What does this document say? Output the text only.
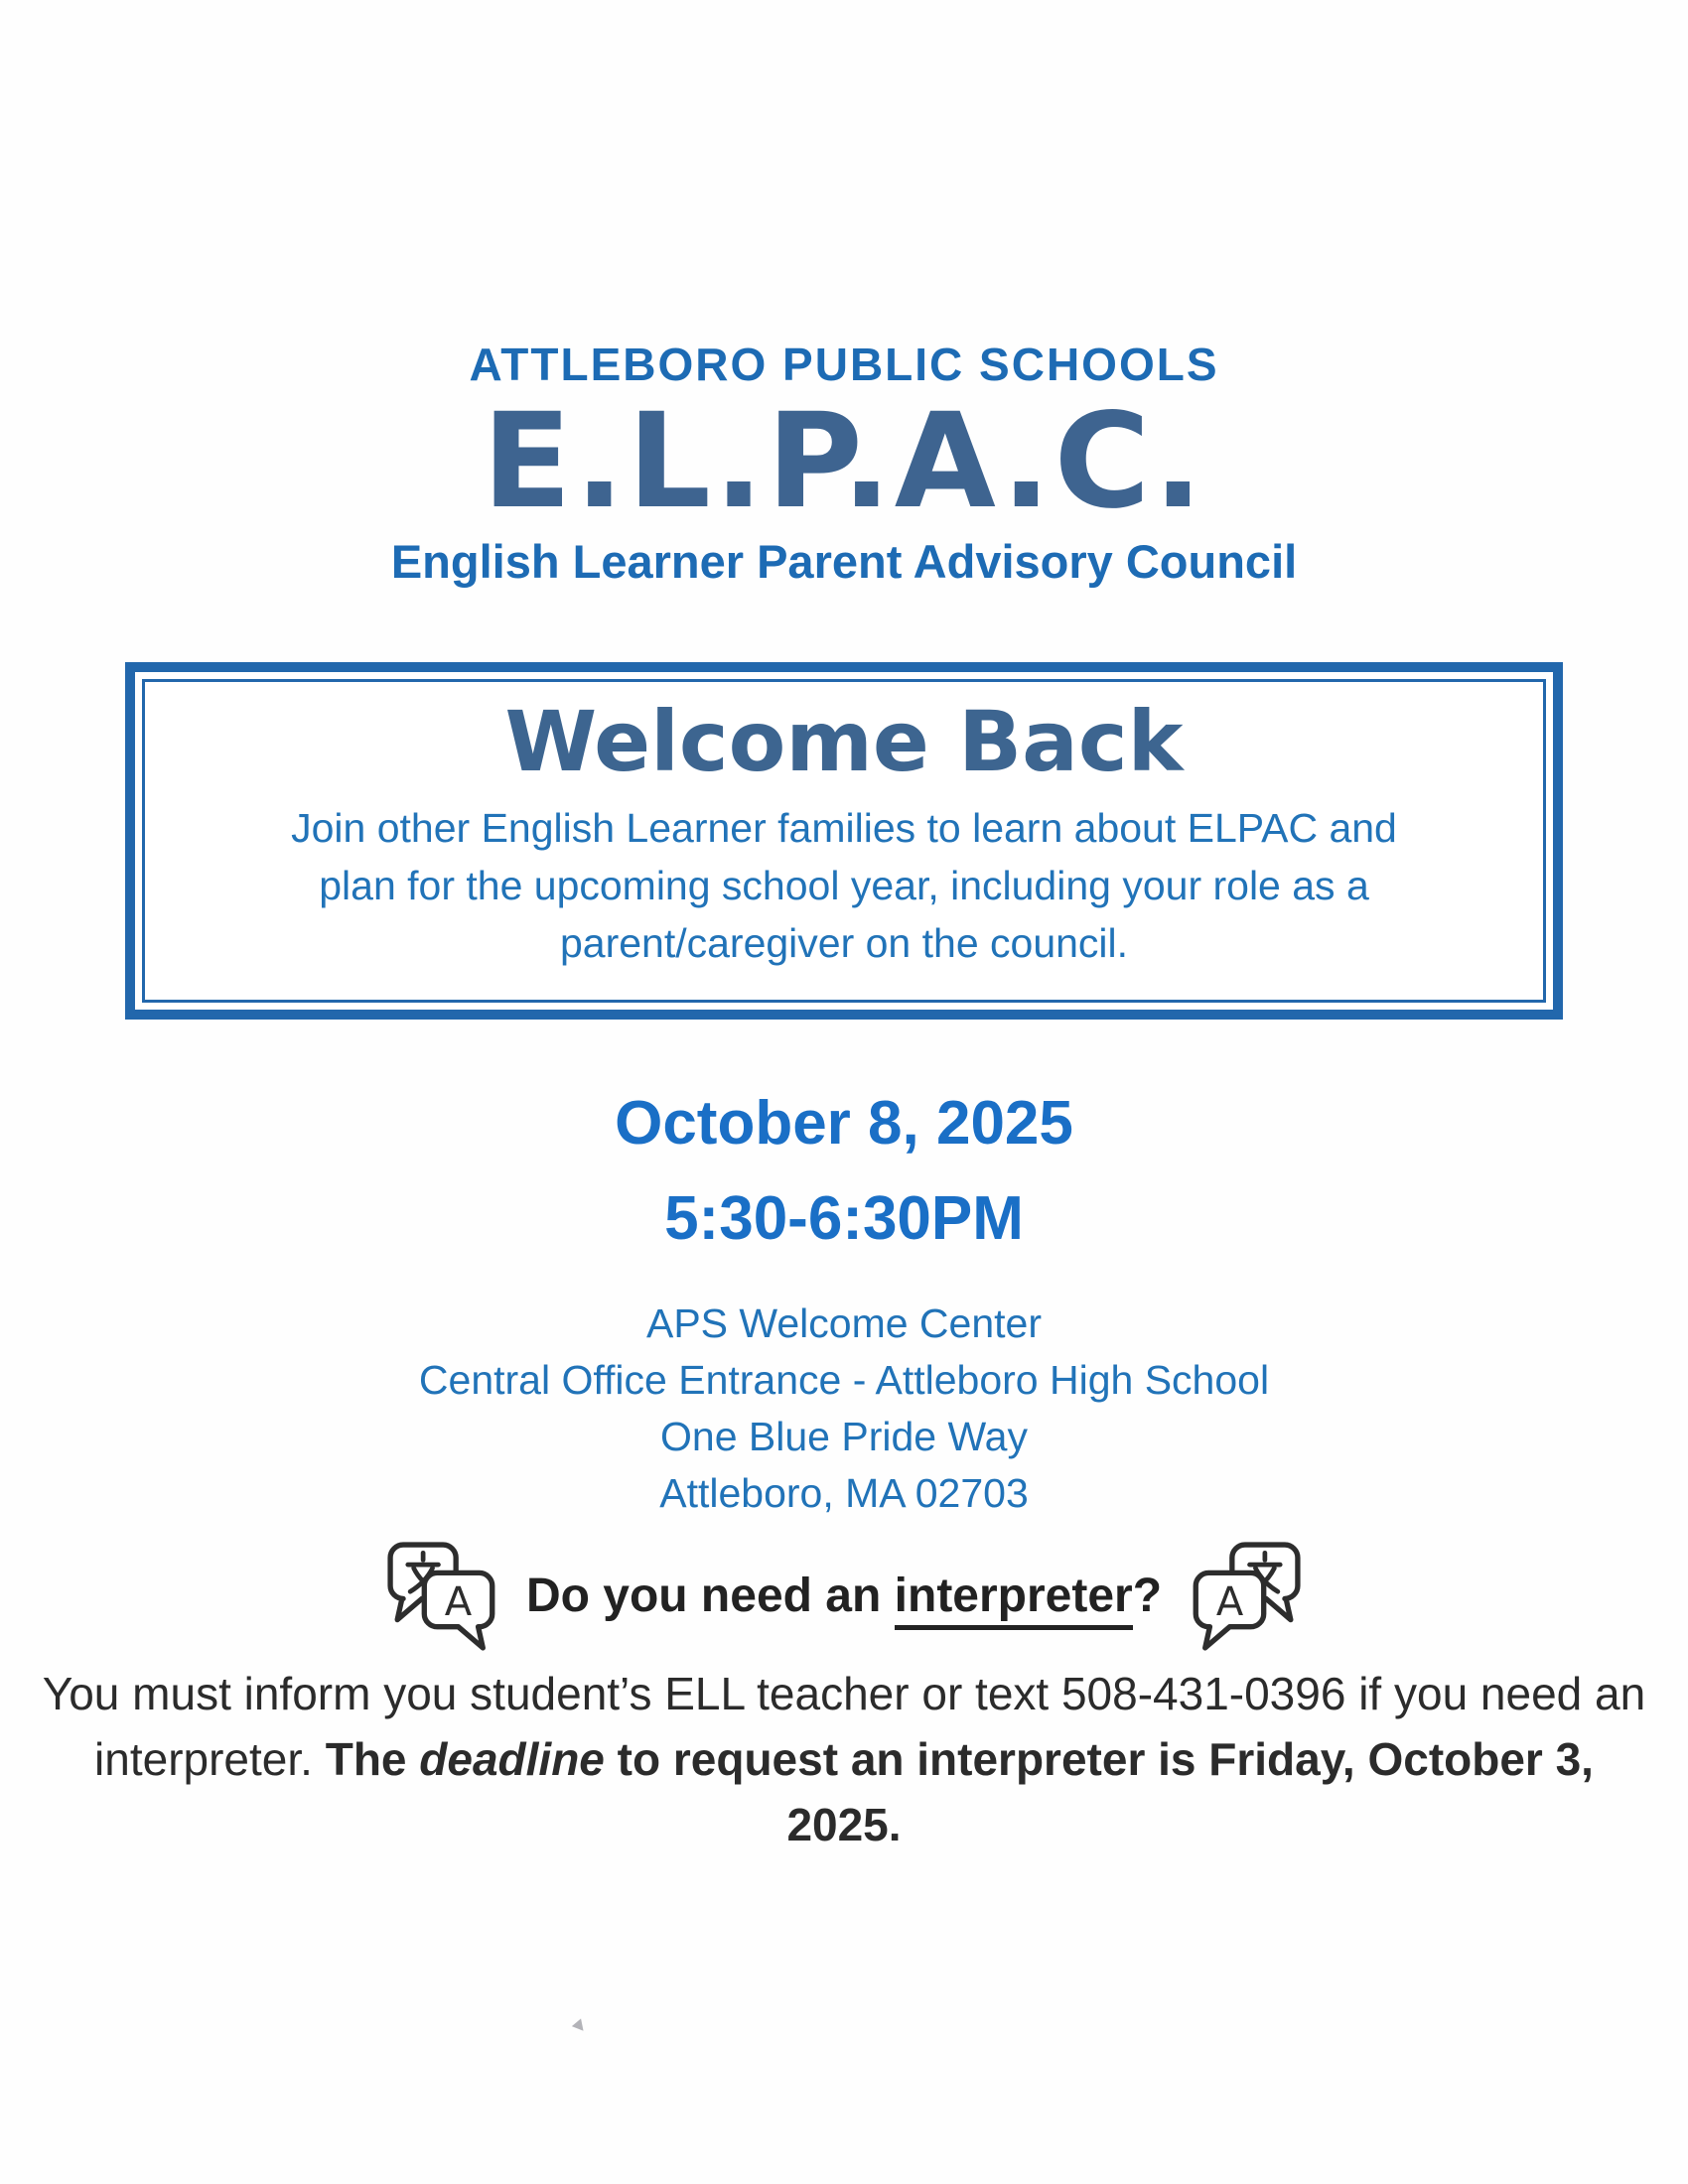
ATTLEBORO PUBLIC SCHOOLS
E.L.P.A.C.
English Learner Parent Advisory Council
Welcome Back
Join other English Learner families to learn about ELPAC and
plan for the upcoming school year, including your role as a
parent/caregiver on the council.
October 8, 2025
5:30-6:30PM
APS Welcome Center
Central Office Entrance - Attleboro High School
One Blue Pride Way
Attleboro, MA 02703
A Do you need an interpreter? A
You must inform you student’s ELL teacher or text 508-431-0396 if you need an interpreter. The deadline to request an interpreter is Friday, October 3, 2025.
